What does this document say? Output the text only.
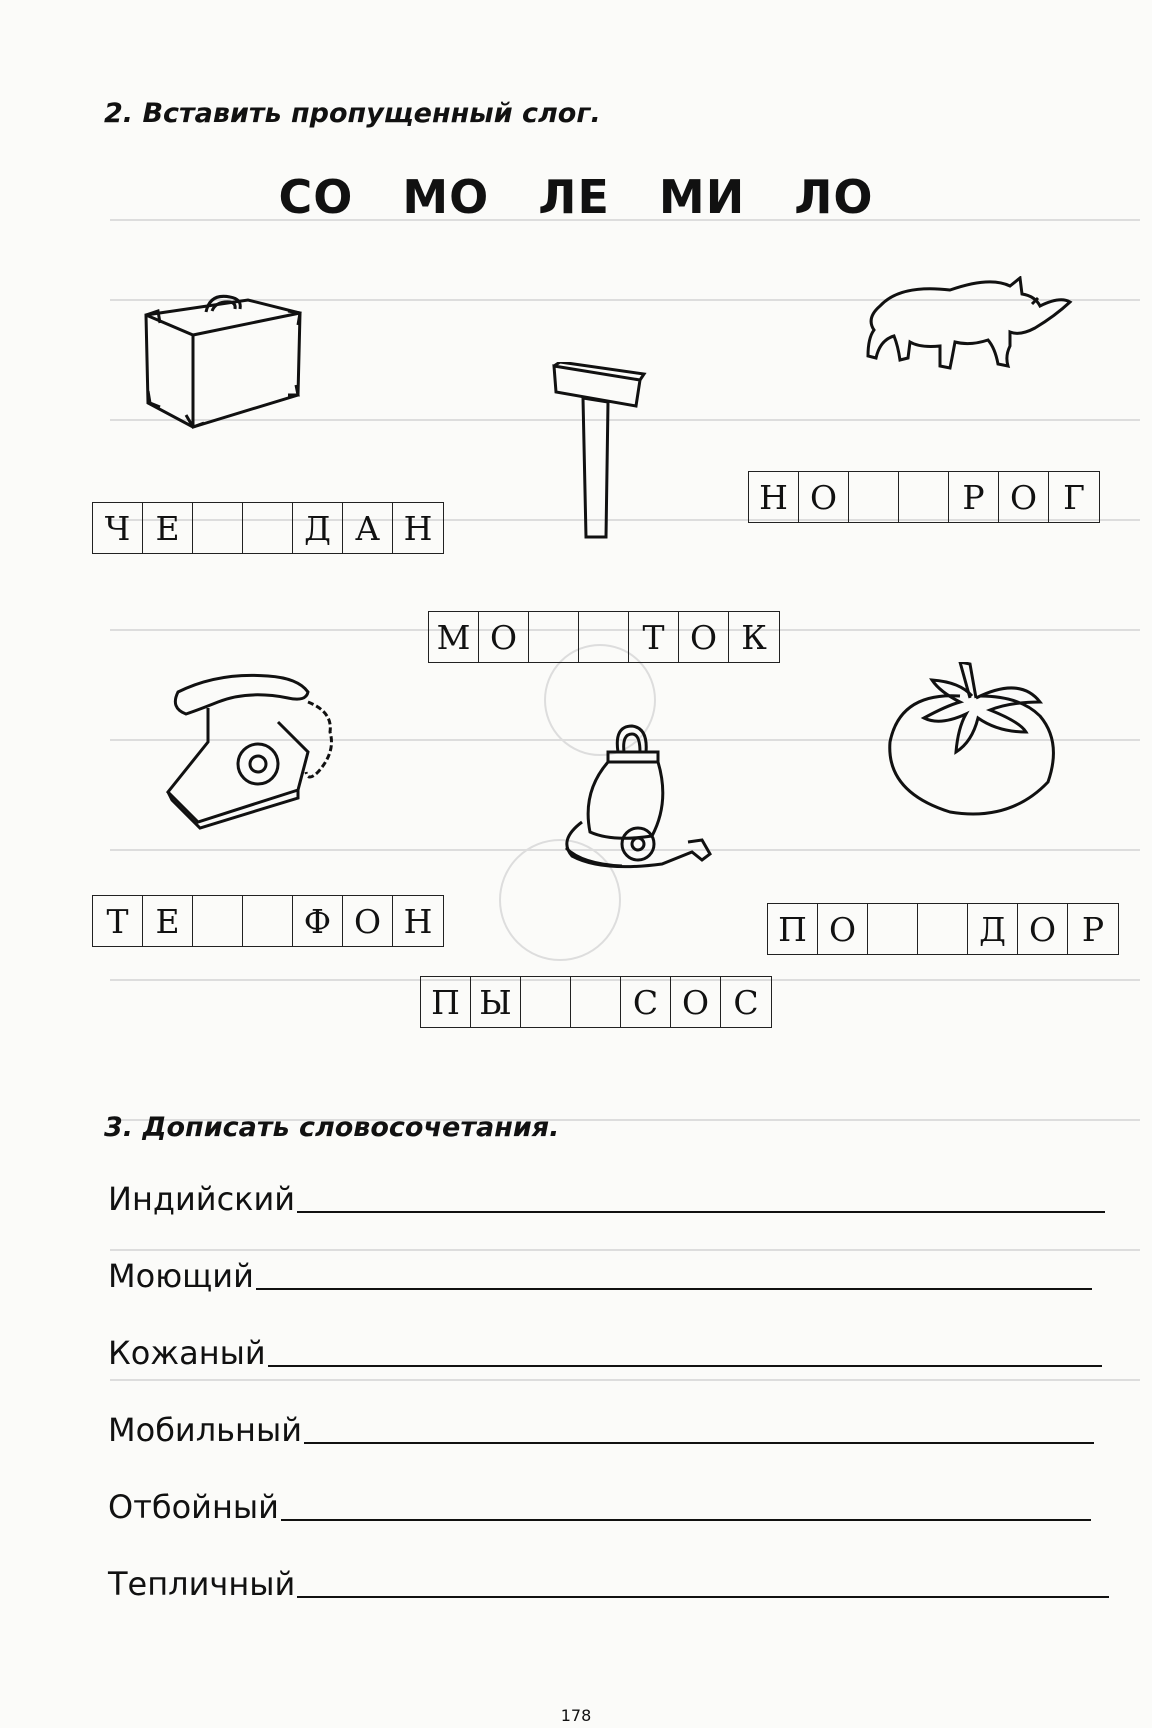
2. Вставить пропущенный слог.
СО МО ЛЕ МИ ЛО
Ч Е	Д А Н
Н О	Р О Г
М О	Т О К
Т Е	Ф О Н	П О	Д О Р
П Ы	С О С
3. Дописать словосочетания.
Индийский
Моющий
Кожаный
Мобильный
Отбойный
Тепличный
178
